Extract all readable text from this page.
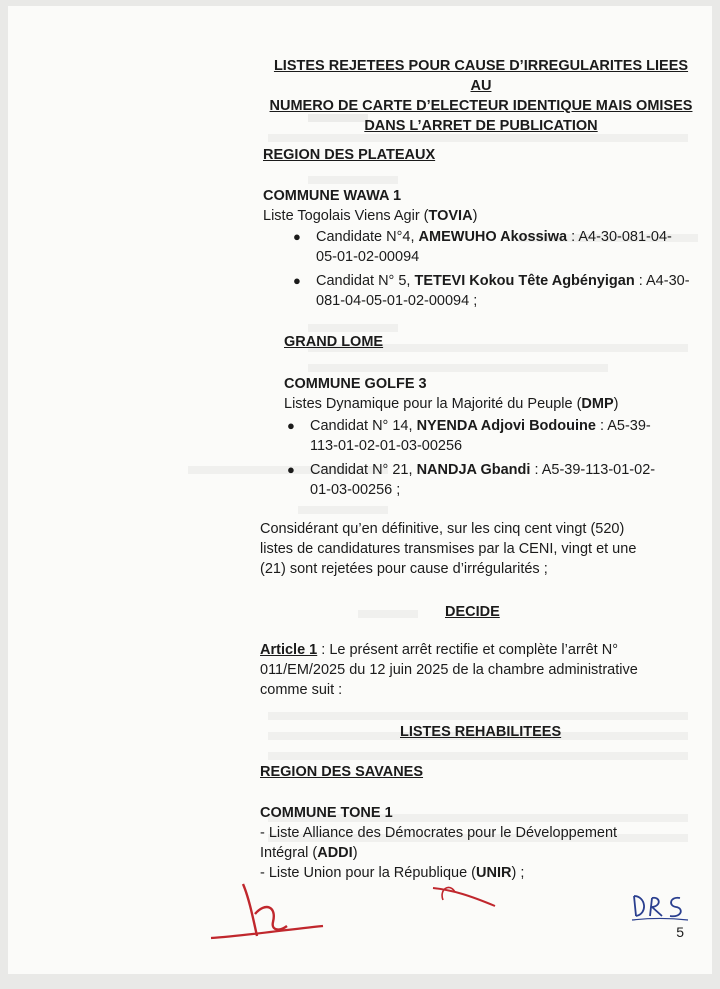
LISTES REJETEES POUR CAUSE D’IRREGULARITES LIEES AU
NUMERO DE CARTE D’ELECTEUR IDENTIQUE MAIS OMISES
DANS L’ARRET DE PUBLICATION
REGION DES PLATEAUX
COMMUNE WAWA 1
Liste Togolais Viens Agir (TOVIA)
● Candidate N°4, AMEWUHO Akossiwa : A4-30-081-04-
05-01-02-00094
● Candidat N° 5, TETEVI Kokou Tête Agbényigan : A4-30-
081-04-05-01-02-00094 ;
GRAND LOME
COMMUNE GOLFE 3
Listes Dynamique pour la Majorité du Peuple (DMP)
● Candidat N° 14, NYENDA Adjovi Bodouine : A5-39-
113-01-02-01-03-00256
● Candidat N° 21, NANDJA Gbandi : A5-39-113-01-02-
01-03-00256 ;
Considérant qu’en définitive, sur les cinq cent vingt (520)
listes de candidatures transmises par la CENI, vingt et une
(21) sont rejetées pour cause d’irrégularités ;
DECIDE
Article 1 : Le présent arrêt rectifie et complète l’arrêt N°
011/EM/2025 du 12 juin 2025 de la chambre administrative
comme suit :
LISTES REHABILITEES
REGION DES SAVANES
COMMUNE TONE 1
- Liste Alliance des Démocrates pour le Développement
Intégral (ADDI)
- Liste Union pour la République (UNIR) ;
5
